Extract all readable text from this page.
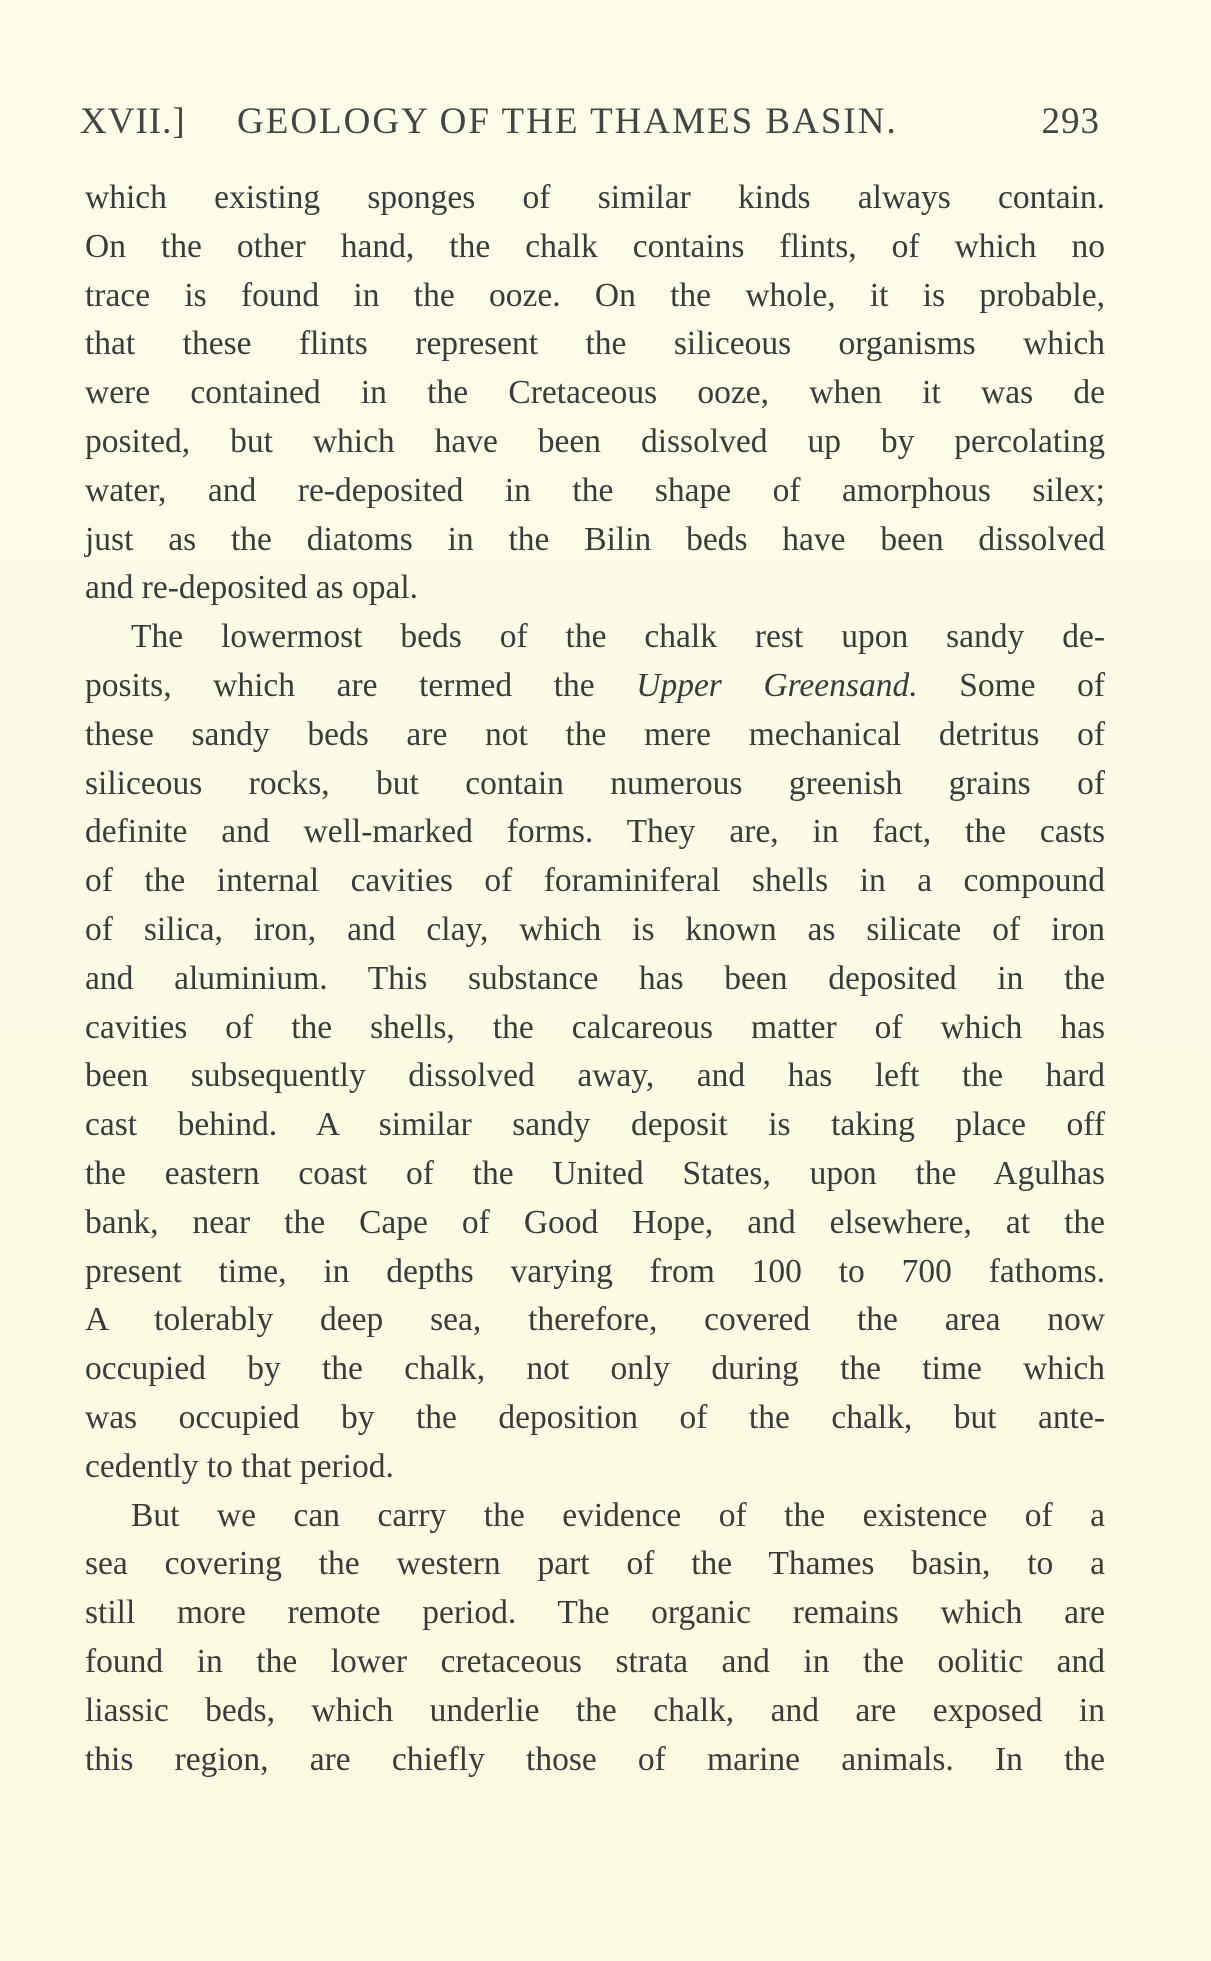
XVII.] GEOLOGY OF THE THAMES BASIN.	293
which existing sponges of similar kinds always contain.
On the other hand, the chalk contains flints, of which no
trace is found in the ooze. On the whole, it is probable,
that these flints represent the siliceous organisms which
were contained in the Cretaceous ooze, when it was de
posited, but which have been dissolved up by percolating
water, and re-deposited in the shape of amorphous silex;
just as the diatoms in the Bilin beds have been dissolved
and re-deposited as opal.
The lowermost beds of the chalk rest upon sandy de-
posits, which are termed the Upper Greensand. Some of
these sandy beds are not the mere mechanical detritus of
siliceous rocks, but contain numerous greenish grains of
definite and well-marked forms. They are, in fact, the casts
of the internal cavities of foraminiferal shells in a compound
of silica, iron, and clay, which is known as silicate of iron
and aluminium. This substance has been deposited in the
cavities of the shells, the calcareous matter of which has
been subsequently dissolved away, and has left the hard
cast behind. A similar sandy deposit is taking place off
the eastern coast of the United States, upon the Agulhas
bank, near the Cape of Good Hope, and elsewhere, at the
present time, in depths varying from 100 to 700 fathoms.
A tolerably deep sea, therefore, covered the area now
occupied by the chalk, not only during the time which
was occupied by the deposition of the chalk, but ante-
cedently to that period.
But we can carry the evidence of the existence of a
sea covering the western part of the Thames basin, to a
still more remote period. The organic remains which are
found in the lower cretaceous strata and in the oolitic and
liassic beds, which underlie the chalk, and are exposed in
this region, are chiefly those of marine animals. In the
